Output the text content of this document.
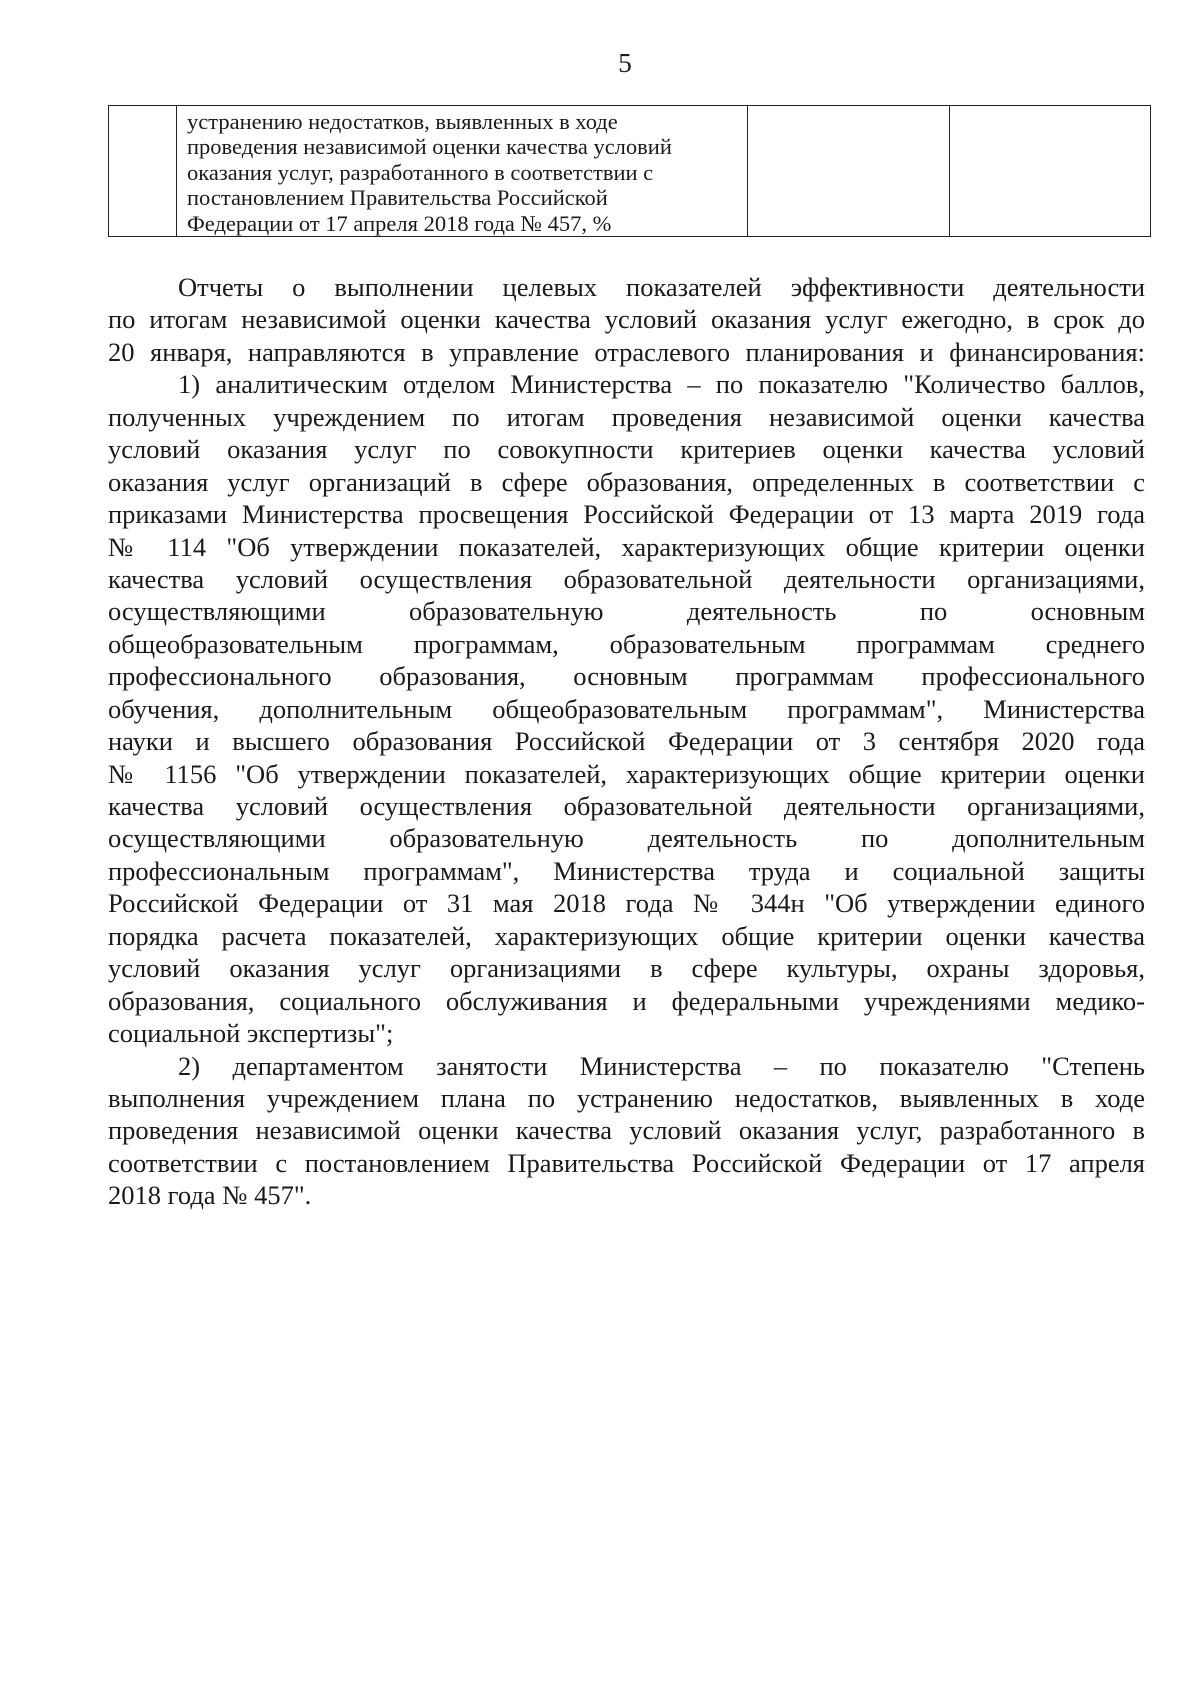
5

устранению недостатков, выявленных в ходе
проведения независимой оценки качества условий
оказания услуг, разработанного в соответствии с
постановлением Правительства Российской
Федерации от 17 апреля 2018 года № 457, %

Отчеты о выполнении целевых показателей эффективности деятельности
по итогам независимой оценки качества условий оказания услуг ежегодно, в срок до
20 января, направляются в управление отраслевого планирования и финансирования:
1) аналитическим отделом Министерства – по показателю "Количество баллов,
полученных учреждением по итогам проведения независимой оценки качества
условий оказания услуг по совокупности критериев оценки качества условий
оказания услуг организаций в сфере образования, определенных в соответствии с
приказами Министерства просвещения Российской Федерации от 13 марта 2019 года
№ 114 "Об утверждении показателей, характеризующих общие критерии оценки
качества условий осуществления образовательной деятельности организациями,
осуществляющими образовательную деятельность по основным
общеобразовательным программам, образовательным программам среднего
профессионального образования, основным программам профессионального
обучения, дополнительным общеобразовательным программам", Министерства
науки и высшего образования Российской Федерации от 3 сентября 2020 года
№ 1156 "Об утверждении показателей, характеризующих общие критерии оценки
качества условий осуществления образовательной деятельности организациями,
осуществляющими образовательную деятельность по дополнительным
профессиональным программам", Министерства труда и социальной защиты
Российской Федерации от 31 мая 2018 года № 344н "Об утверждении единого
порядка расчета показателей, характеризующих общие критерии оценки качества
условий оказания услуг организациями в сфере культуры, охраны здоровья,
образования, социального обслуживания и федеральными учреждениями медико-
социальной экспертизы";
2) департаментом занятости Министерства – по показателю "Степень
выполнения учреждением плана по устранению недостатков, выявленных в ходе
проведения независимой оценки качества условий оказания услуг, разработанного в
соответствии с постановлением Правительства Российской Федерации от 17 апреля
2018 года № 457".
